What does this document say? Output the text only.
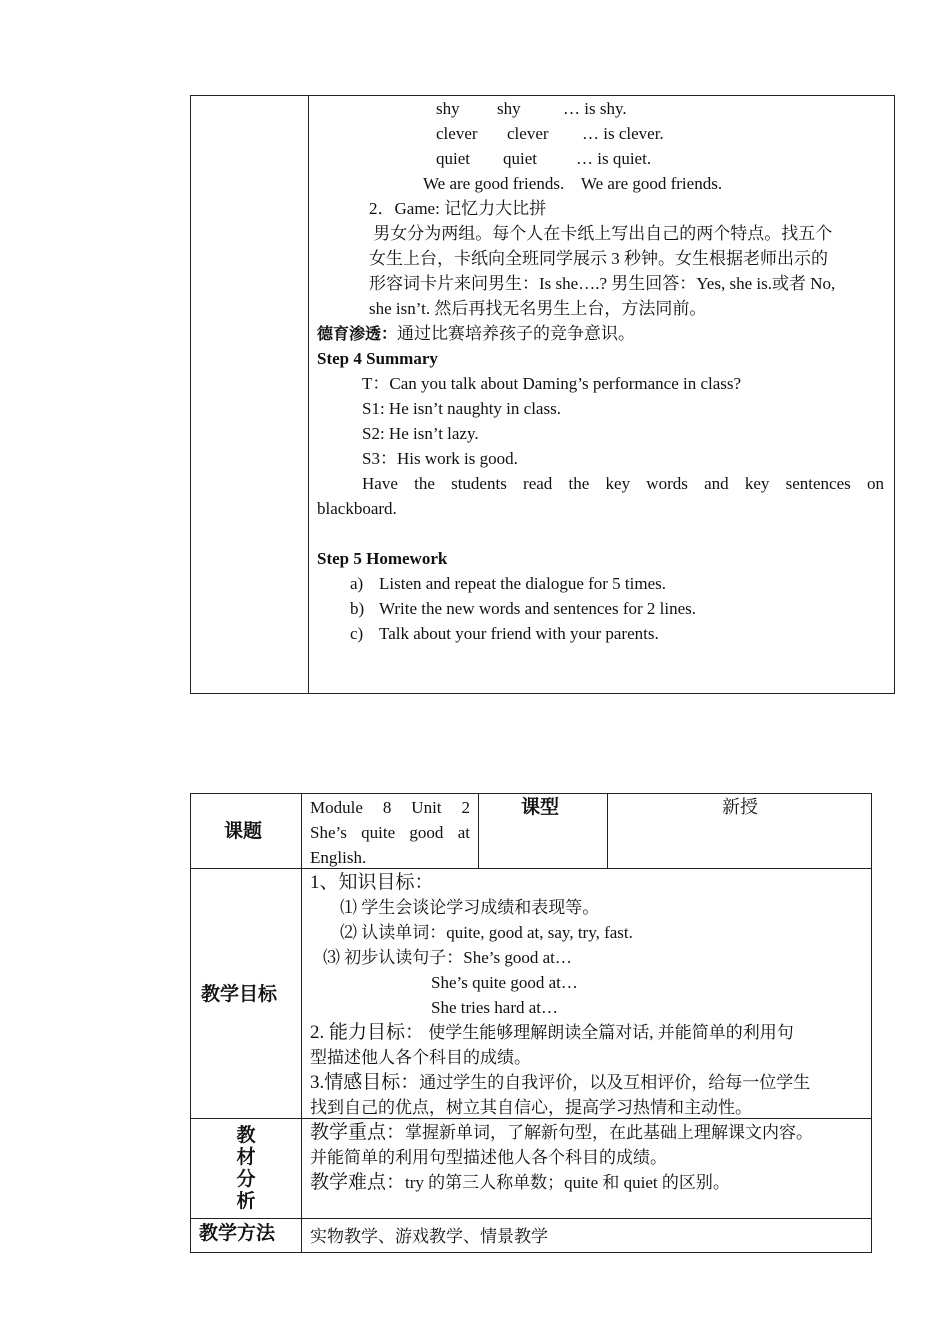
shy shy … is shy.
clever clever … is clever.
quiet quiet … is quiet.
We are good friends.    We are good friends.
2．Game: 记忆力大比拼
男女分为两组。每个人在卡纸上写出自己的两个特点。找五个
女生上台，卡纸向全班同学展示 3 秒钟。女生根据老师出示的
形容词卡片来问男生：Is she….? 男生回答：Yes, she is.或者 No,
she isn’t. 然后再找无名男生上台，方法同前。
德育渗透：通过比赛培养孩子的竞争意识。
Step 4 Summary
T：Can you talk about Daming’s performance in class?
S1: He isn’t naughty in class.
S2: He isn’t lazy.
S3：His work is good.
Have the students read the key words and key sentences on
blackboard.
Step 5 Homework
a) Listen and repeat the dialogue for 5 times.
b) Write the new words and sentences for 2 lines.
c) Talk about your friend with your parents.
课题
Module 8 Unit 2
She’s quite good at
English.
课型	新授
教学目标
1、知识目标：
⑴ 学生会谈论学习成绩和表现等。
⑵ 认读单词：quite, good at, say, try, fast.
⑶ 初步认读句子：She’s good at…
She’s quite good at…
She tries hard at…
2. 能力目标： 使学生能够理解朗读全篇对话, 并能简单的利用句
型描述他人各个科目的成绩。
3.情感目标：通过学生的自我评价，以及互相评价，给每一位学生
找到自己的优点，树立其自信心，提高学习热情和主动性。
教
材
分
析
教学重点：掌握新单词，了解新句型，在此基础上理解课文内容。
并能简单的利用句型描述他人各个科目的成绩。
教学难点：try 的第三人称单数；quite 和 quiet 的区别。
教学方法 实物教学、游戏教学、情景教学
